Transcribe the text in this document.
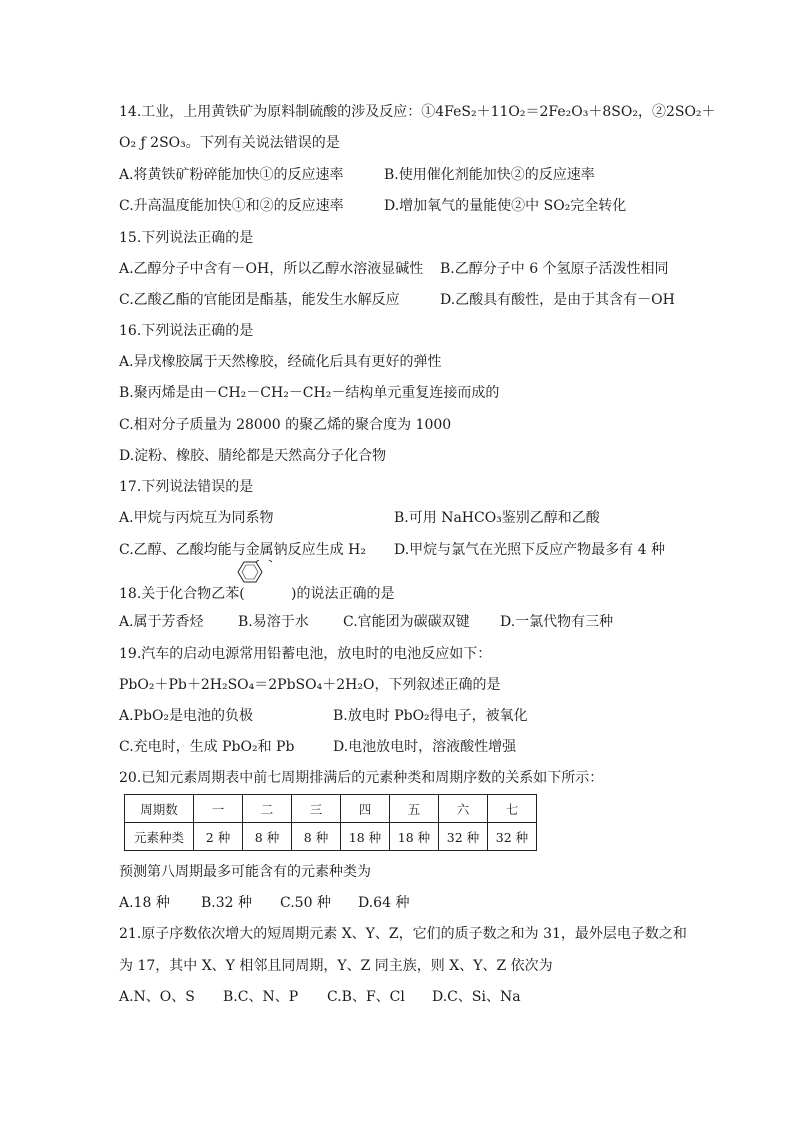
14.工业，上用黄铁矿为原料制硫酸的涉及反应：①4FeS₂＋11O₂＝2Fe₂O₃＋8SO₂，②2SO₂＋
O₂ ƒ 2SO₃。下列有关说法错误的是
A.将黄铁矿粉碎能加快①的反应速率	B.使用催化剂能加快②的反应速率
C.升高温度能加快①和②的反应速率	D.增加氧气的量能使②中 SO₂完全转化
15.下列说法正确的是
A.乙醇分子中含有－OH，所以乙醇水溶液显碱性 B.乙醇分子中 6 个氢原子活泼性相同
C.乙酸乙酯的官能团是酯基，能发生水解反应	D.乙酸具有酸性，是由于其含有－OH
16.下列说法正确的是
A.异戊橡胶属于天然橡胶，经硫化后具有更好的弹性
B.聚丙烯是由－CH₂－CH₂－CH₂－结构单元重复连接而成的
C.相对分子质量为 28000 的聚乙烯的聚合度为 1000
D.淀粉、橡胶、腈纶都是天然高分子化合物
17.下列说法错误的是
A.甲烷与丙烷互为同系物	B.可用 NaHCO₃鉴别乙醇和乙酸
C.乙醇、乙酸均能与金属钠反应生成 H₂ D.甲烷与氯气在光照下反应产物最多有 4 种
18.关于化合物乙苯(	)的说法正确的是
A.属于芳香烃 B.易溶于水 C.官能团为碳碳双键 D.一氯代物有三种
19.汽车的启动电源常用铅蓄电池，放电时的电池反应如下：
PbO₂＋Pb＋2H₂SO₄＝2PbSO₄＋2H₂O，下列叙述正确的是
A.PbO₂是电池的负极	B.放电时 PbO₂得电子，被氧化
C.充电时，生成 PbO₂和 Pb	D.电池放电时，溶液酸性增强
20.已知元素周期表中前七周期排满后的元素种类和周期序数的关系如下所示：
周期数	一	二	三	四	五	六	七
元素种类	2 种	8 种	8 种	18 种	18 种	32 种	32 种
预测第八周期最多可能含有的元素种类为
A.18 种 B.32 种 C.50 种 D.64 种
21.原子序数依次增大的短周期元素 X、Y、Z，它们的质子数之和为 31，最外层电子数之和
为 17，其中 X、Y 相邻且同周期，Y、Z 同主族，则 X、Y、Z 依次为
A.N、O、S B.C、N、P C.B、F、Cl D.C、Si、Na
